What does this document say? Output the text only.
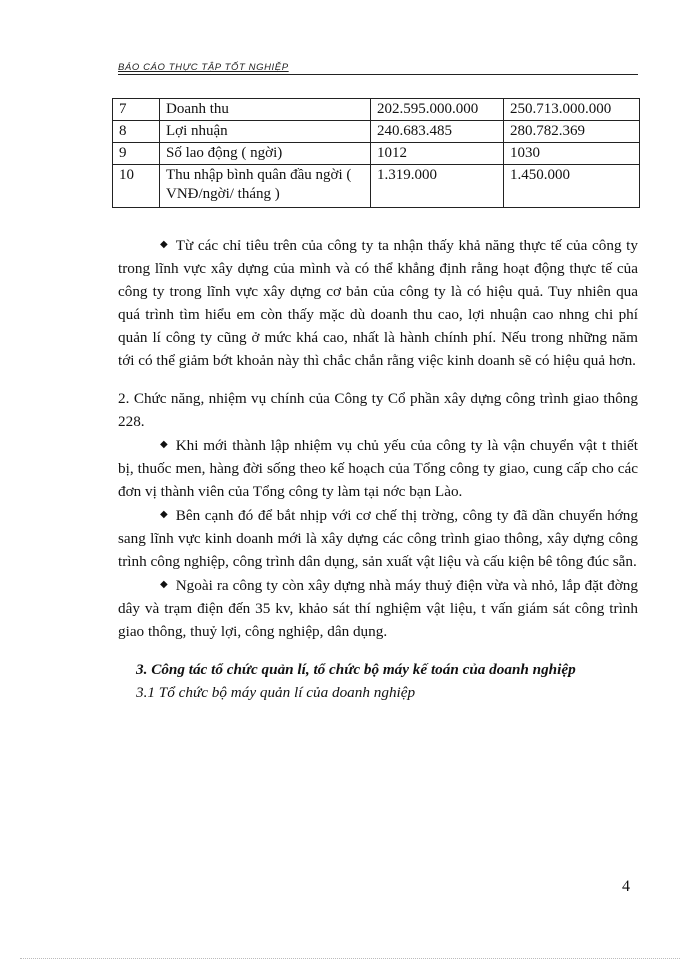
BÁO CÁO THỰC TẬP TỐT NGHIỆP
7	Doanh thu	202.595.000.000	250.713.000.000
8	Lợi nhuận	240.683.485	280.782.369
9	Số lao động ( ngời)	1012	1030
10	Thu nhập bình quân đầu ngời ( VNĐ/ngời/ tháng )	1.319.000	1.450.000

◆ Từ các chỉ tiêu trên của công ty ta nhận thấy khả năng thực tế của công ty trong lĩnh vực xây dựng của mình và có thể khẳng định rằng hoạt động thực tế của công ty trong lĩnh vực xây dựng cơ bản của công ty là có hiệu quả. Tuy nhiên qua quá trình tìm hiểu em còn thấy mặc dù doanh thu cao, lợi nhuận cao nhng chi phí quản lí công ty cũng ở mức khá cao, nhất là hành chính phí. Nếu trong những năm tới có thể giảm bớt khoản này thì chắc chắn rằng việc kinh doanh sẽ có hiệu quả hơn.

2. Chức năng, nhiệm vụ chính của Công ty Cổ phần xây dựng công trình giao thông 228.

◆ Khi mới thành lập nhiệm vụ chủ yếu của công ty là vận chuyển vật t thiết bị, thuốc men, hàng đời sống theo kế hoạch của Tổng công ty giao, cung cấp cho các đơn vị thành viên của Tổng công ty làm tại nớc bạn Lào.

◆ Bên cạnh đó để bắt nhịp với cơ chế thị trờng, công ty đã dần chuyển hớng sang lĩnh vực kinh doanh mới là xây dựng các công trình giao thông, xây dựng công trình công nghiệp, công trình dân dụng, sản xuất vật liệu và cấu kiện bê tông đúc sẵn.

◆ Ngoài ra công ty còn xây dựng nhà máy thuỷ điện vừa và nhỏ, lắp đặt đờng dây và trạm điện đến 35 kv, khảo sát thí nghiệm vật liệu, t vấn giám sát công trình giao thông, thuỷ lợi, công nghiệp, dân dụng.

3. Công tác tổ chức quản lí, tổ chức bộ máy kế toán của doanh nghiệp

3.1 Tổ chức bộ máy quản lí của doanh nghiệp

4
